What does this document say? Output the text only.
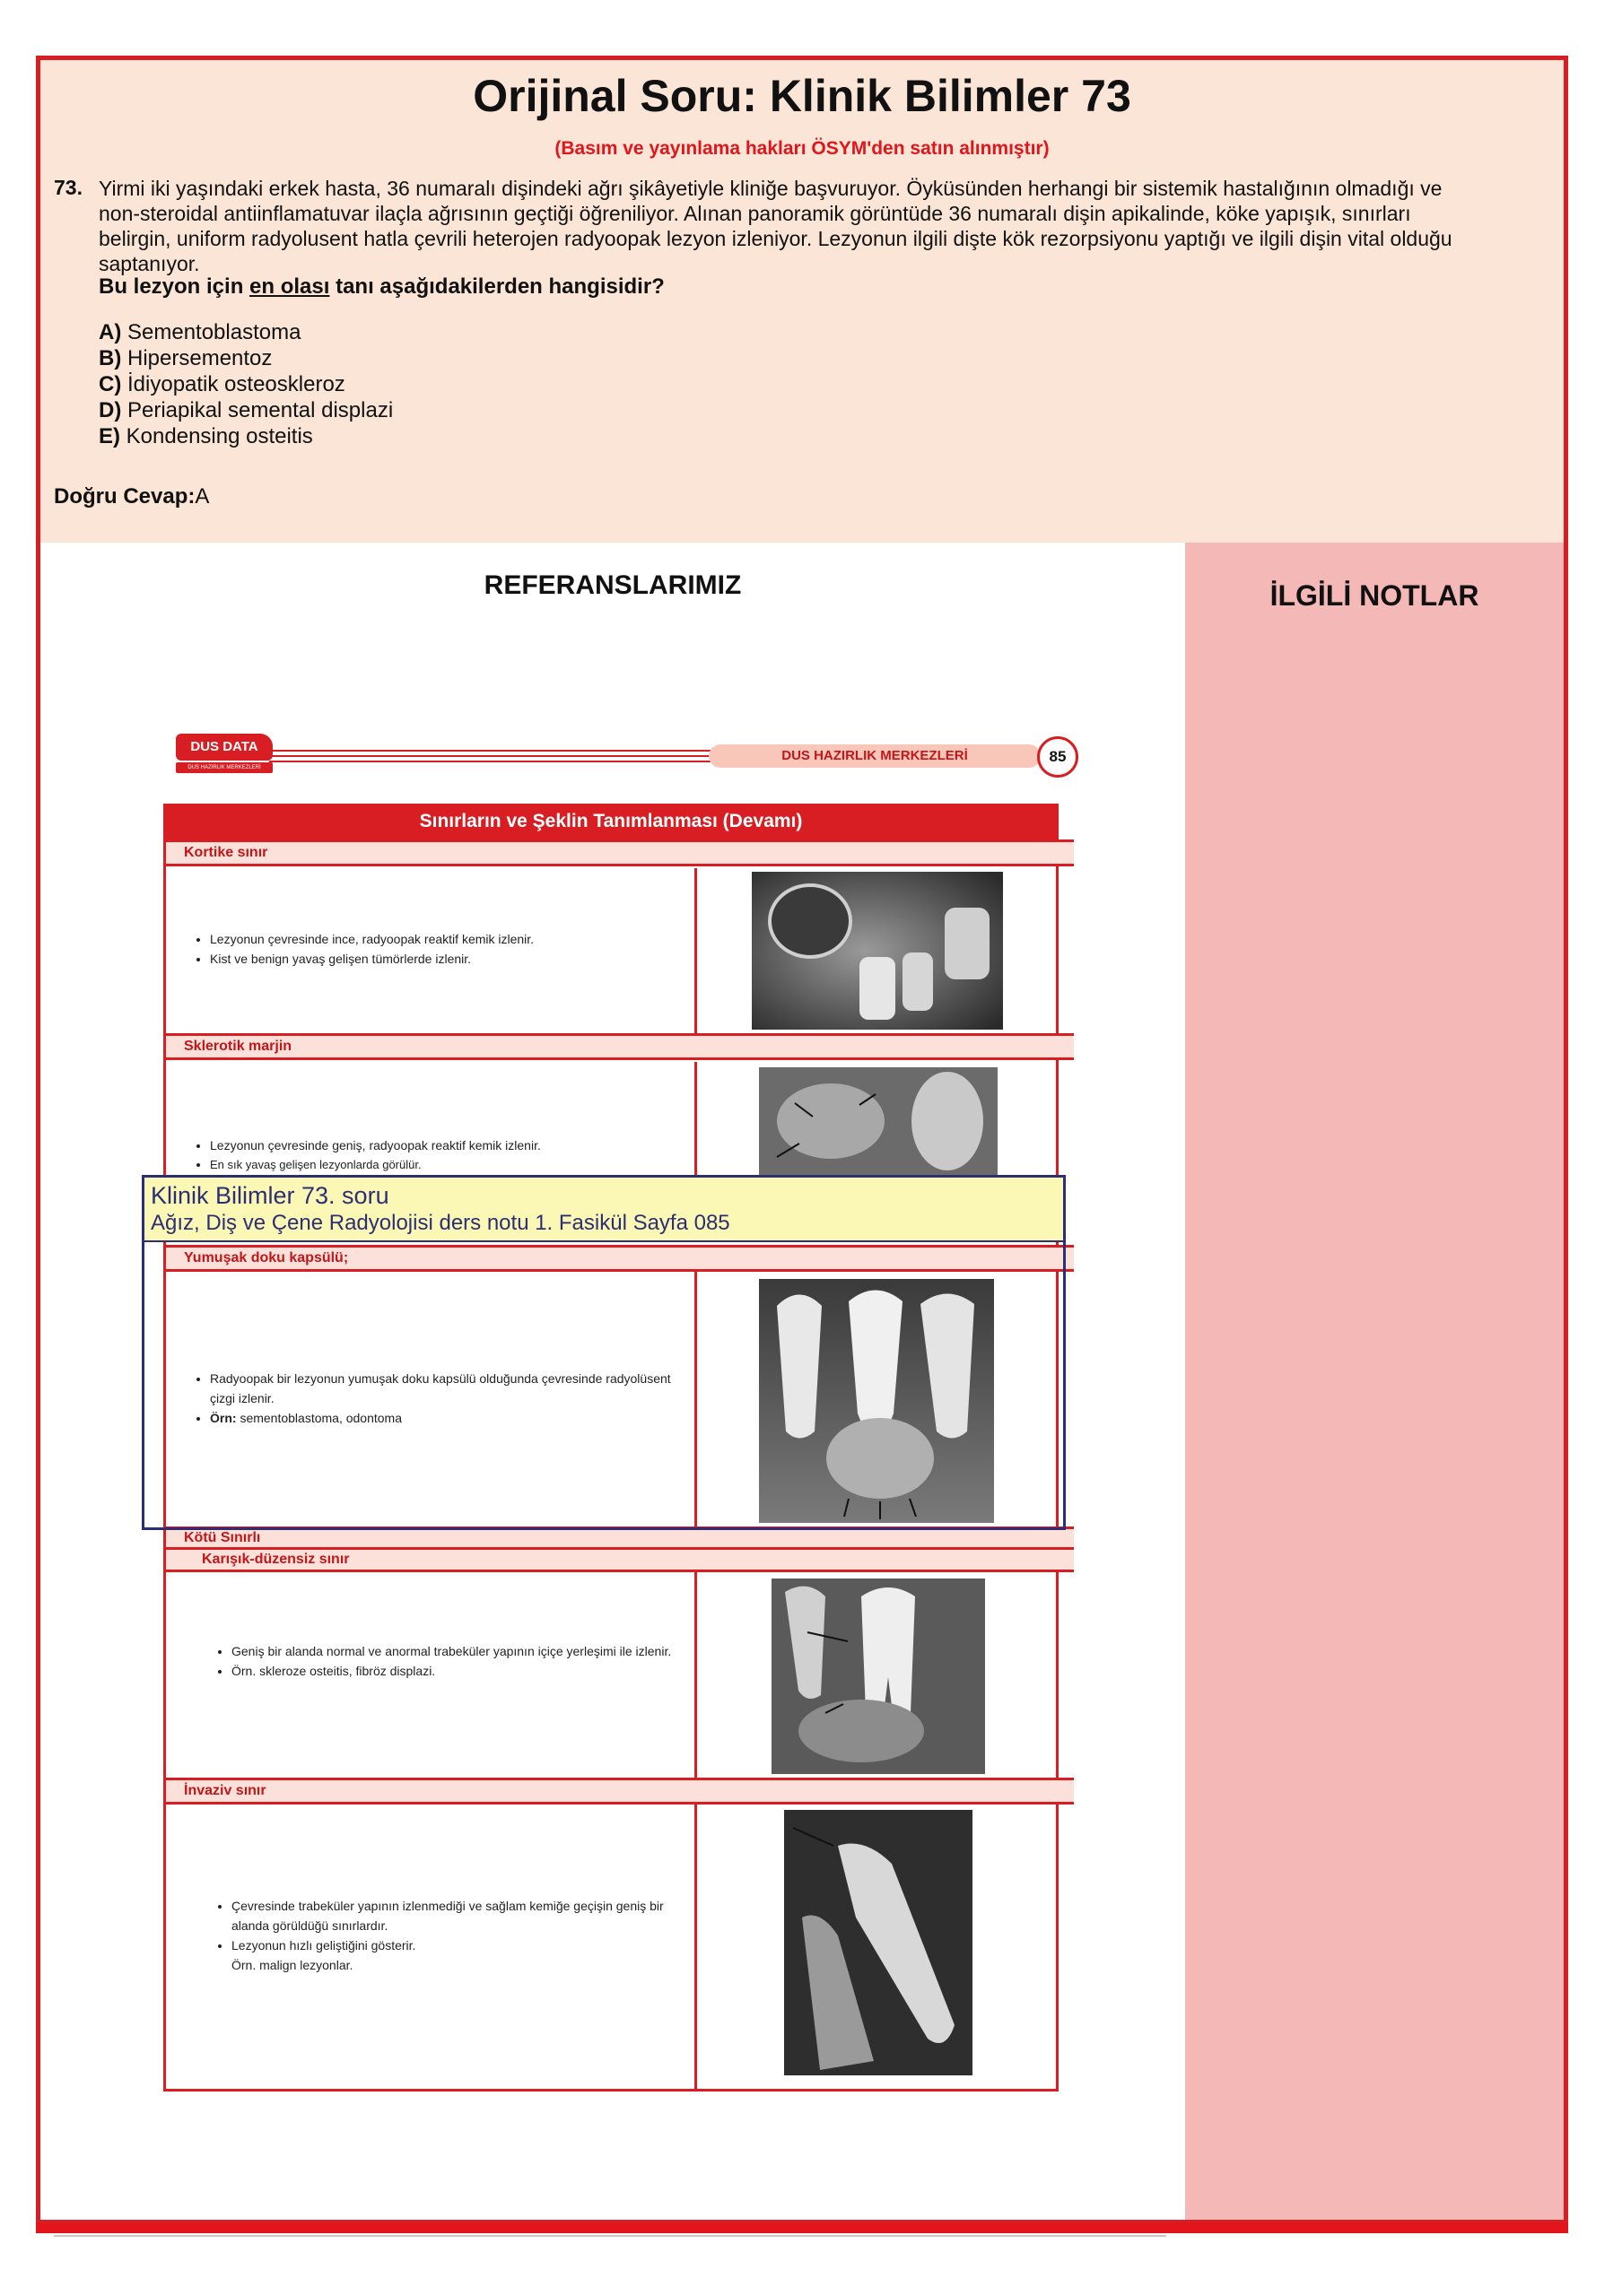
Orijinal Soru: Klinik Bilimler 73
(Basım ve yayınlama hakları ÖSYM'den satın alınmıştır)
73. Yirmi iki yaşındaki erkek hasta, 36 numaralı dişindeki ağrı şikâyetiyle kliniğe başvuruyor. Öyküsünden herhangi bir sistemik hastalığının olmadığı ve non-steroidal antiinflamatuvar ilaçla ağrısının geçtiği öğreniliyor. Alınan panoramik görüntüde 36 numaralı dişin apikalinde, köke yapışık, sınırları belirgin, uniform radyolusent hatla çevrili heterojen radyoopak lezyon izleniyor. Lezyonun ilgili dişte kök rezorpsiyonu yaptığı ve ilgili dişin vital olduğu saptanıyor.
Bu lezyon için en olası tanı aşağıdakilerden hangisidir?
A) Sementoblastoma
B) Hipersementoz
C) İdiyopatik osteoskleroz
D) Periapikal semental displazi
E) Kondensing osteitis
Doğru Cevap:A
REFERANSLARIMIZ	İLGİLİ NOTLAR
DUS DATA
DUS HAZIRLIK MERKEZLERİ
DUS HAZIRLIK MERKEZLERİ	85
Sınırların ve Şeklin Tanımlanması (Devamı)
Kortike sınır
• Lezyonun çevresinde ince, radyoopak reaktif kemik izlenir.
• Kist ve benign yavaş gelişen tümörlerde izlenir.
Sklerotik marjin
• Lezyonun çevresinde geniş, radyoopak reaktif kemik izlenir.
• En sık yavaş gelişen lezyonlarda görülür.
Yumuşak doku kapsülü;
• Radyoopak bir lezyonun yumuşak doku kapsülü olduğunda çevresinde radyolüsent çizgi izlenir.
• Örn: sementoblastoma, odontoma
Kötü Sınırlı
Karışık-düzensiz sınır
• Geniş bir alanda normal ve anormal trabeküler yapının içiçe yerleşimi ile izlenir.
• Örn. skleroze osteitis, fibröz displazi.
İnvaziv sınır
• Çevresinde trabeküler yapının izlenmediği ve sağlam kemiğe geçişin geniş bir alanda görüldüğü sınırlardır.
• Lezyonun hızlı geliştiğini gösterir.
Örn. malign lezyonlar.
Klinik Bilimler 73. soru
Ağız, Diş ve Çene Radyolojisi ders notu 1. Fasikül Sayfa 085
